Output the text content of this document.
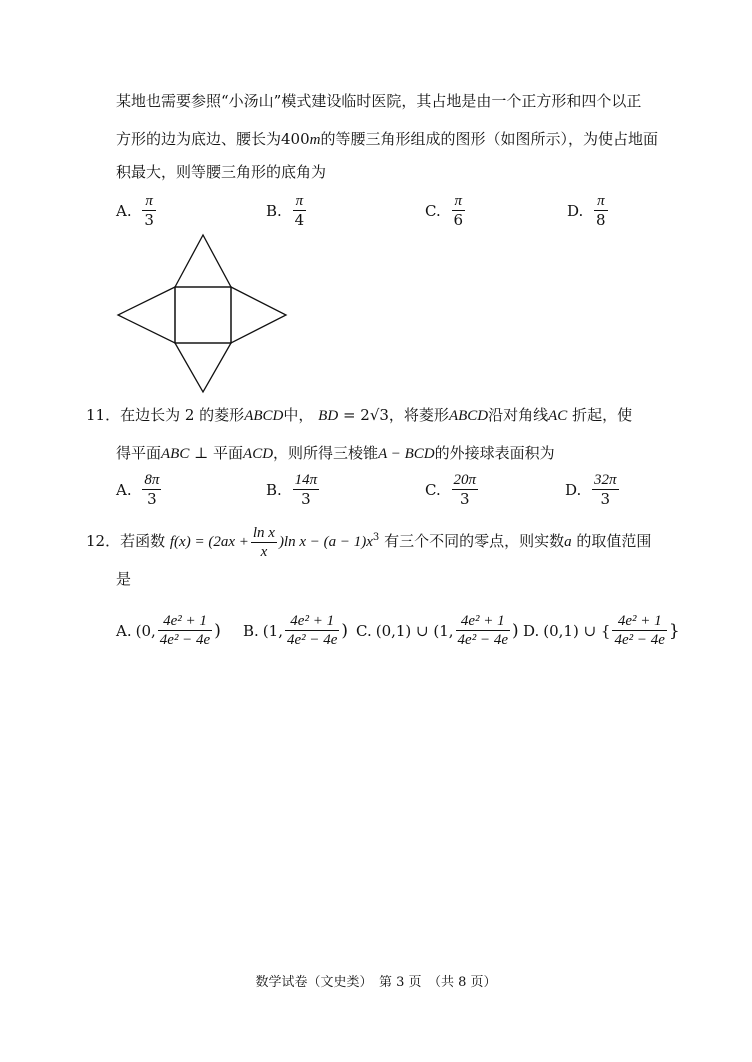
某地也需要参照“小汤山”模式建设临时医院，其占地是由一个正方形和四个以正
方形的边为底边、腰长为400m的等腰三角形组成的图形（如图所示），为使占地面
积最大，则等腰三角形的底角为
A. $\frac{\pi}{3}$	B. $\frac{\pi}{4}$	C. $\frac{\pi}{6}$	D. $\frac{\pi}{8}$
11．在边长为 2 的菱形ABCD中， BD = 2√3，将菱形ABCD沿对角线AC 折起，使
得平面ABC ⊥ 平面ACD，则所得三棱锥A − BCD的外接球表面积为
A. $\frac{8\pi}{3}$	B. $\frac{14\pi}{3}$	C. $\frac{20\pi}{3}$	D. $\frac{32\pi}{3}$
12．若函数 $f(x) = (2ax + \frac{\text{ln x}}{x} )\ln$ $x - (a - 1)x^3$ 有三个不同的零点，则实数a 的取值范围
是
A. (0, $\frac{\text{4e² + 1}}{\text{4e² − 4e}}$ ) B. (1, $\frac{\text{4e² + 1}}{\text{4e² − 4e}}$ ) C. (0,1) ∪ (1, $\frac{\text{4e² + 1}}{\text{4e² − 4e}}$ ) D. (0,1) ∪ { $\frac{\text{4e² + 1}}{\text{4e² − 4e}}$ }
数学试卷（文史类）　第 3 页　（共 8 页）
